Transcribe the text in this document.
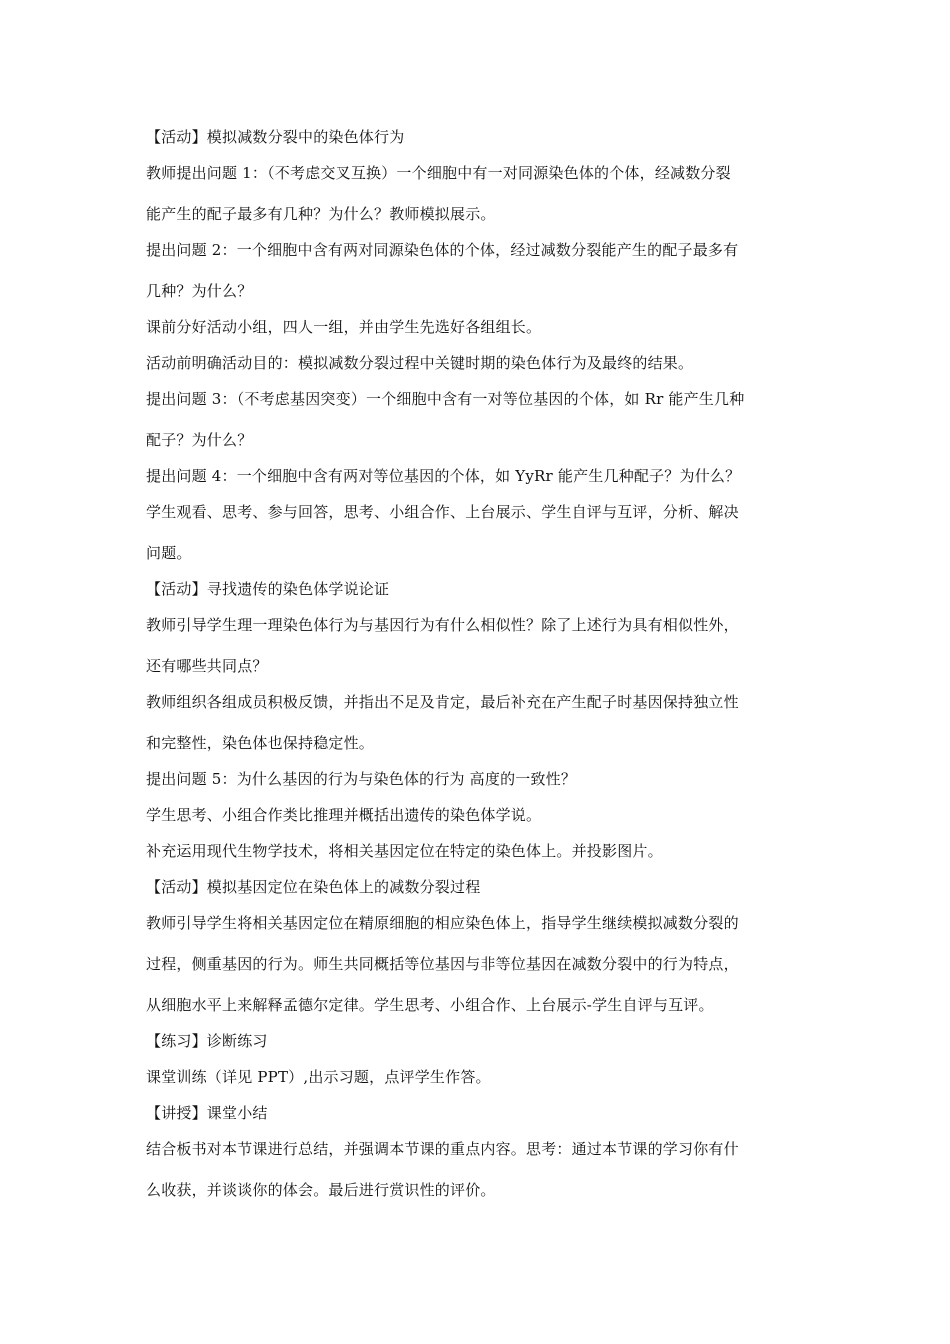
【活动】模拟减数分裂中的染色体行为
教师提出问题 1：（不考虑交叉互换）一个细胞中有一对同源染色体的个体，经减数分裂
能产生的配子最多有几种？为什么？教师模拟展示。
提出问题 2：一个细胞中含有两对同源染色体的个体，经过减数分裂能产生的配子最多有
几种？为什么？
课前分好活动小组，四人一组，并由学生先选好各组组长。
活动前明确活动目的：模拟减数分裂过程中关键时期的染色体行为及最终的结果。
提出问题 3：（不考虑基因突变）一个细胞中含有一对等位基因的个体，如 Rr 能产生几种
配子？为什么？
提出问题 4：一个细胞中含有两对等位基因的个体，如 YyRr 能产生几种配子？为什么？
学生观看、思考、参与回答，思考、小组合作、上台展示、学生自评与互评，分析、解决
问题。
【活动】寻找遗传的染色体学说论证
教师引导学生理一理染色体行为与基因行为有什么相似性？除了上述行为具有相似性外，
还有哪些共同点？
教师组织各组成员积极反馈，并指出不足及肯定，最后补充在产生配子时基因保持独立性
和完整性，染色体也保持稳定性。
提出问题 5：为什么基因的行为与染色体的行为 高度的一致性？
学生思考、小组合作类比推理并概括出遗传的染色体学说。
补充运用现代生物学技术，将相关基因定位在特定的染色体上。并投影图片。
【活动】模拟基因定位在染色体上的减数分裂过程
教师引导学生将相关基因定位在精原细胞的相应染色体上，指导学生继续模拟减数分裂的
过程，侧重基因的行为。师生共同概括等位基因与非等位基因在减数分裂中的行为特点，
从细胞水平上来解释孟德尔定律。学生思考、小组合作、上台展示-学生自评与互评。
【练习】诊断练习
课堂训练（详见 PPT）,出示习题，点评学生作答。
【讲授】课堂小结
结合板书对本节课进行总结，并强调本节课的重点内容。思考：通过本节课的学习你有什
么收获，并谈谈你的体会。最后进行赏识性的评价。
